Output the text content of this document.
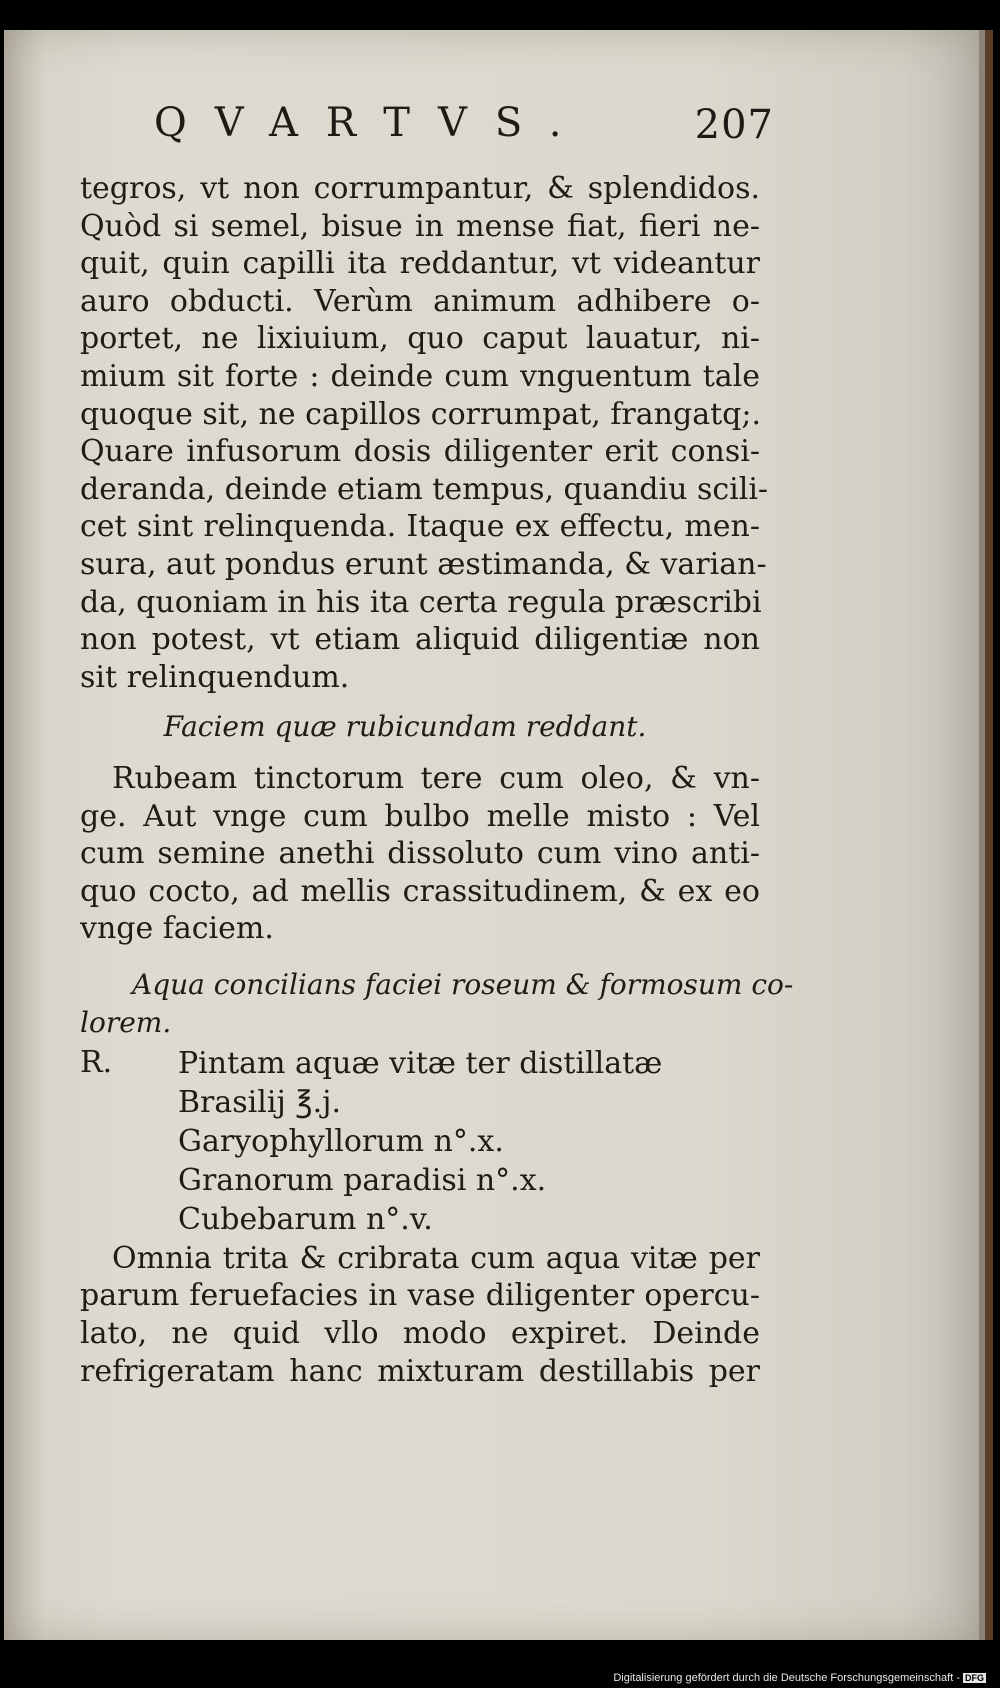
QVARTVS.	207
tegros, vt non corrumpantur, & splendidos.
Quòd si semel, bisue in mense fiat, fieri ne-
quit, quin capilli ita reddantur, vt videantur
auro obducti. Verùm animum adhibere o-
portet, ne lixiuium, quo caput lauatur, ni-
mium sit forte : deinde cum vnguentum tale
quoque sit, ne capillos corrumpat, frangatq;.
Quare infusorum dosis diligenter erit consi-
deranda, deinde etiam tempus, quandiu scili-
cet sint relinquenda. Itaque ex effectu, men-
sura, aut pondus erunt æstimanda, & varian-
da, quoniam in his ita certa regula præscribi
non potest, vt etiam aliquid diligentiæ non
sit relinquendum.
Faciem quæ rubicundam reddant.
Rubeam tinctorum tere cum oleo, & vn-
ge. Aut vnge cum bulbo melle misto : Vel
cum semine anethi dissoluto cum vino anti-
quo cocto, ad mellis crassitudinem, & ex eo
vnge faciem.
Aqua concilians faciei roseum & formosum co-
lorem.
R. Pintam aquæ vitæ ter distillatæ
Brasilij ℥.j.
Garyophyllorum n°.x.
Granorum paradisi n°.x.
Cubebarum n°.v.
Omnia trita & cribrata cum aqua vitæ per
parum feruefacies in vase diligenter opercu-
lato, ne quid vllo modo expiret. Deinde
refrigeratam hanc mixturam destillabis per
Digitalisierung gefördert durch die Deutsche Forschungsgemeinschaft - DFG
